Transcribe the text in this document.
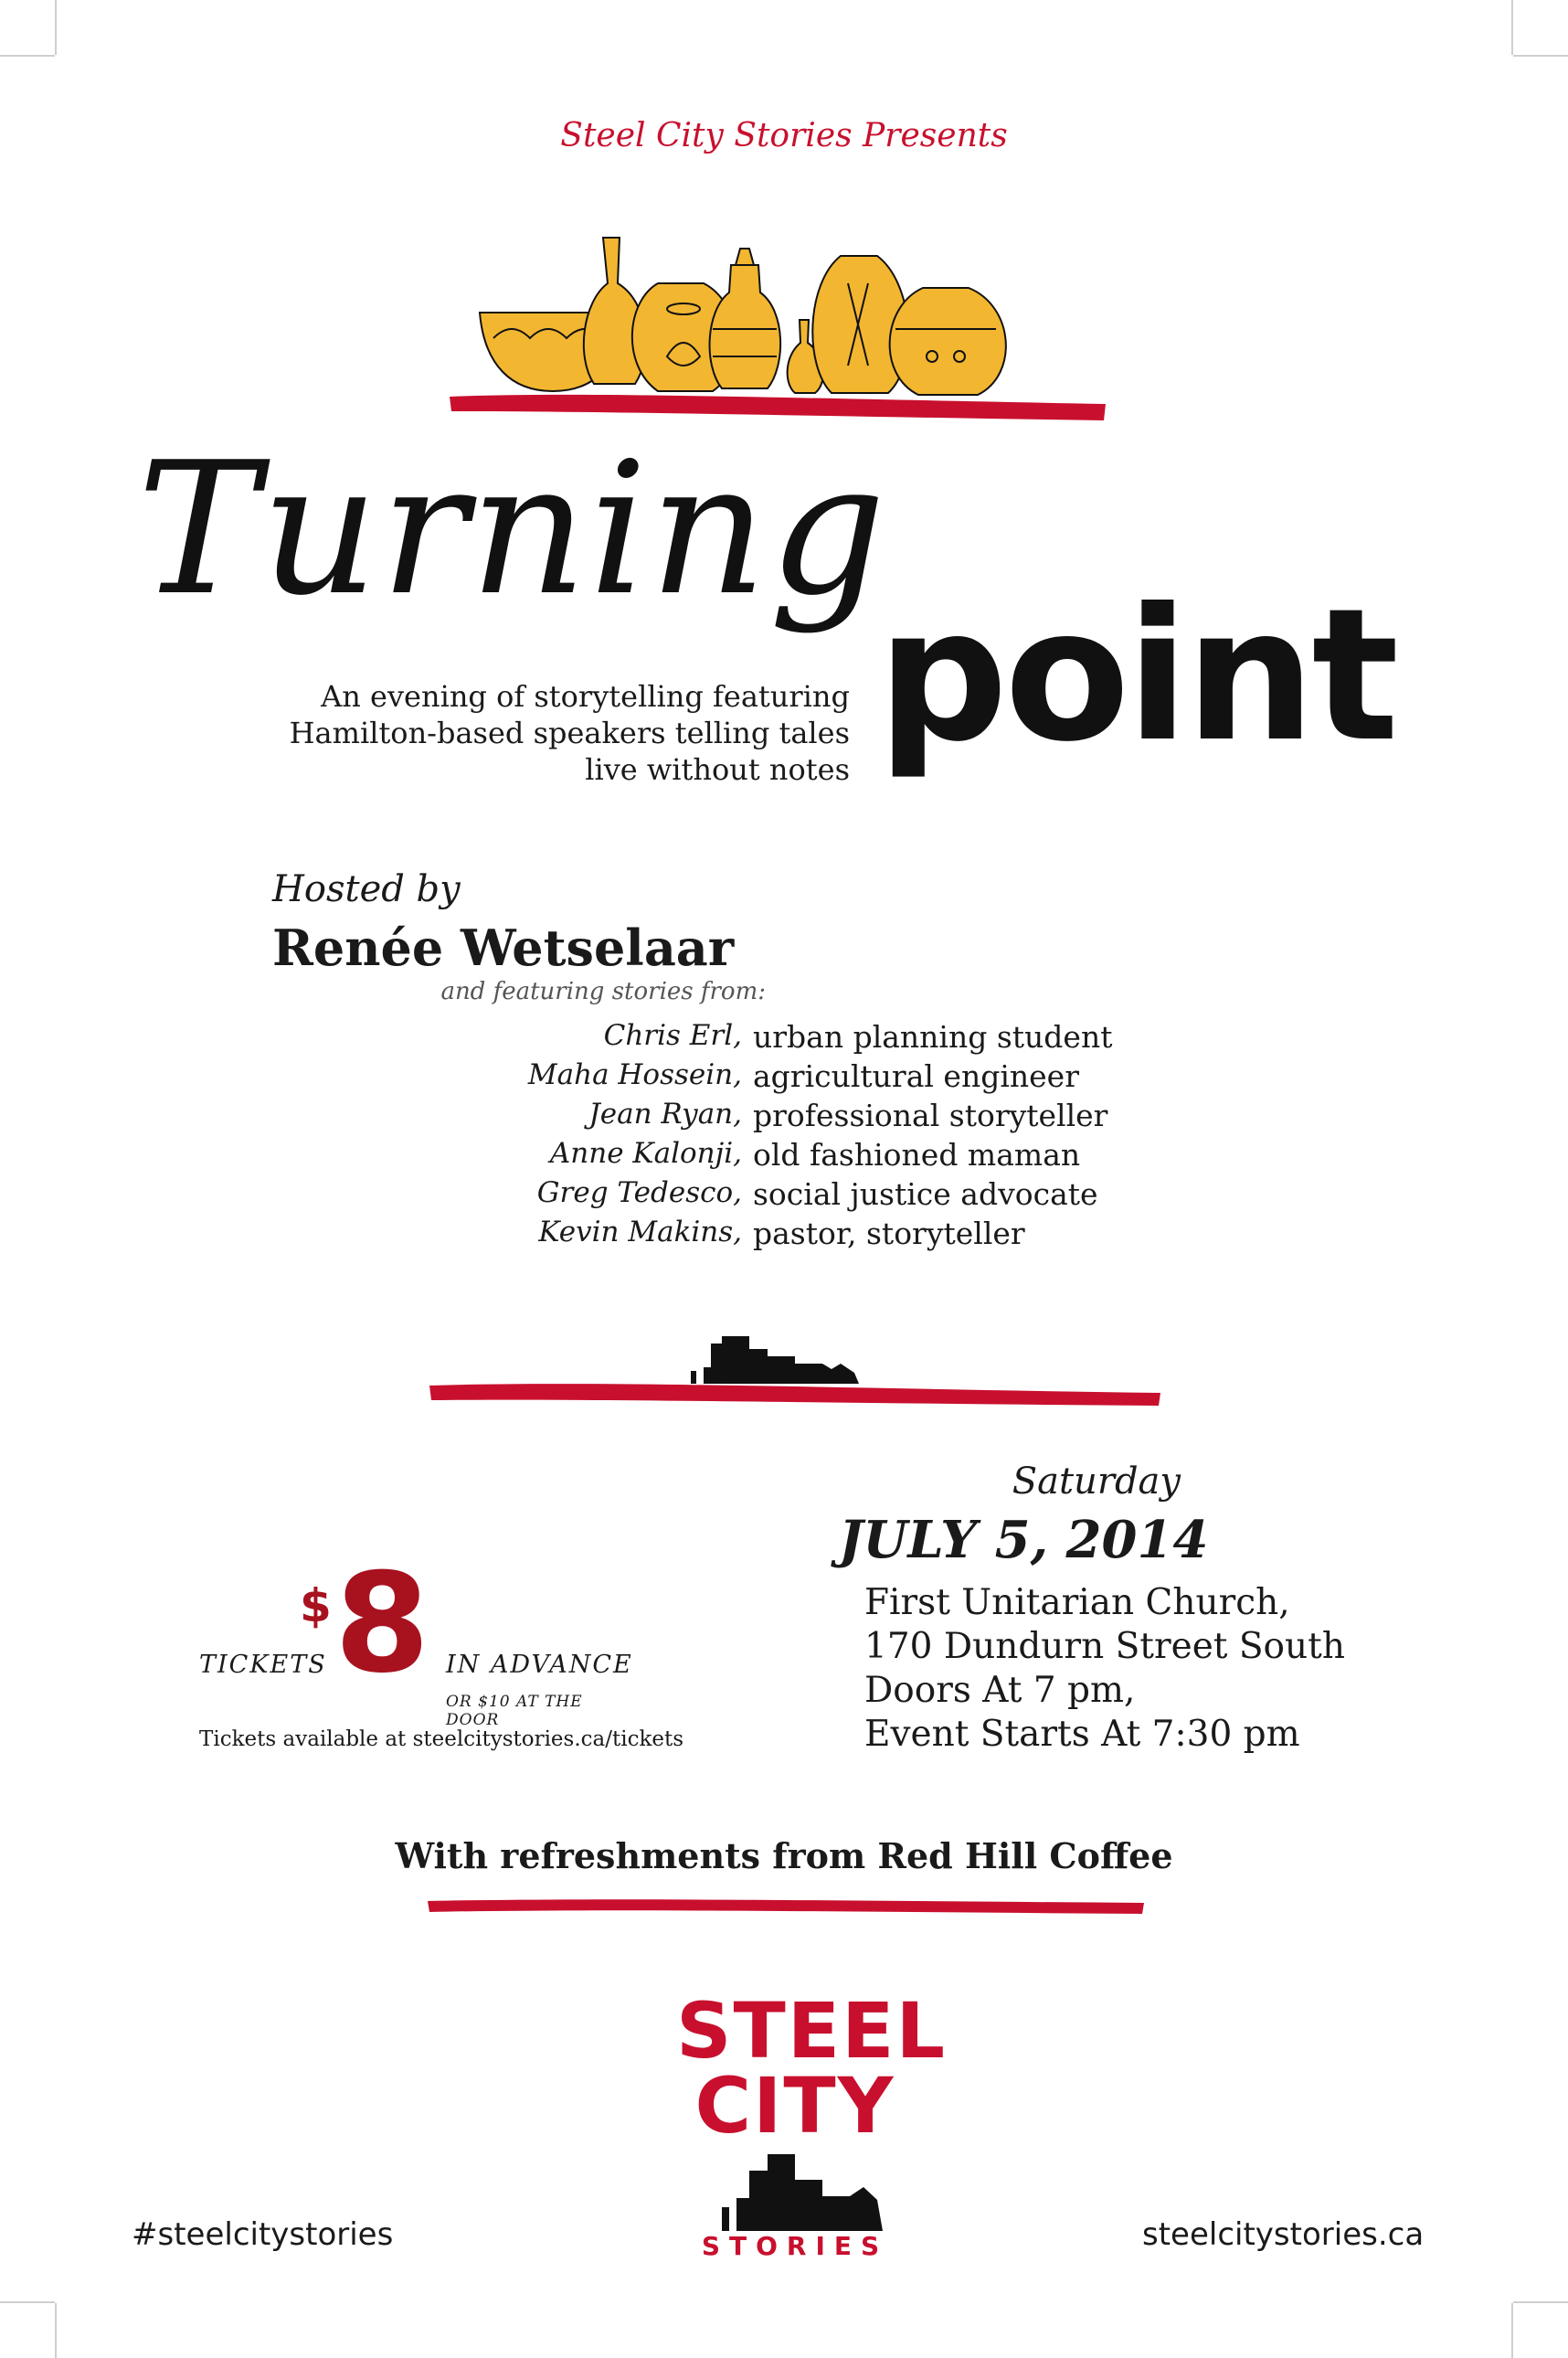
Steel City Stories Presents
Turning
point
An evening of storytelling featuring
Hamilton-based speakers telling tales
live without notes
Hosted by
Renée Wetselaar
and featuring stories from:
Chris Erl, urban planning student
Maha Hossein, agricultural engineer
Jean Ryan, professional storyteller
Anne Kalonji, old fashioned maman
Greg Tedesco, social justice advocate
Kevin Makins, pastor, storyteller
Saturday
JULY 5, 2014
First Unitarian Church,
170 Dundurn Street South
Doors At 7 pm,
Event Starts At 7:30 pm
TICKETS
$ 8 IN ADVANCE
OR $10 AT THE DOOR
Tickets available at steelcitystories.ca/tickets
With refreshments from Red Hill Coffee
STEEL
CITY
STORIES
#steelcitystories	steelcitystories.ca
